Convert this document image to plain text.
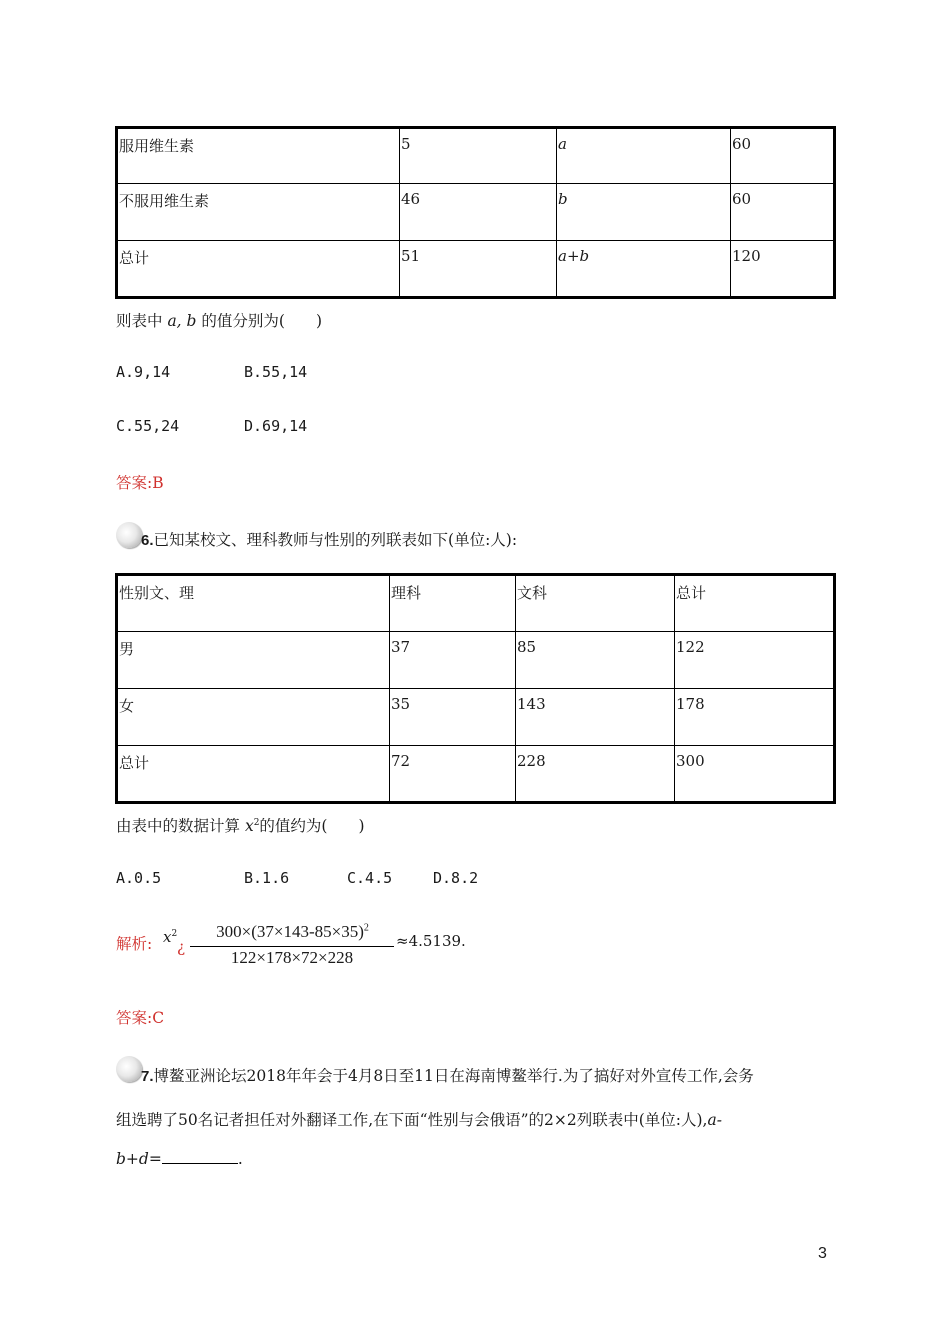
服用维生素	5	a	60
不服用维生素	46	b	60
总计	51	a+b	120
则表中 a, b 的值分别为(　　)
A.9,14	B.55,14
C.55,24	D.69,14
答案:B
6.已知某校文、理科教师与性别的列联表如下(单位:人):
性别文、理	理科	文科	总计
男	37	85	122
女	35	143	178
总计	72	228	300
由表中的数据计算 $x^2$的值约为(　　)
A.0.5	B.1.6	C.4.5	D.8.2
解析: $x^2$
¿
$300\times(37\times 143-85\times 35)^2$
122×178×72×228
≈4.5139.
答案:C
7.博鳌亚洲论坛2018年年会于4月8日至11日在海南博鳌举行.为了搞好对外宣传工作,会务
组选聘了50名记者担任对外翻译工作,在下面“性别与会俄语”的2×2列联表中(单位:人),a-
b+d=	.
3
